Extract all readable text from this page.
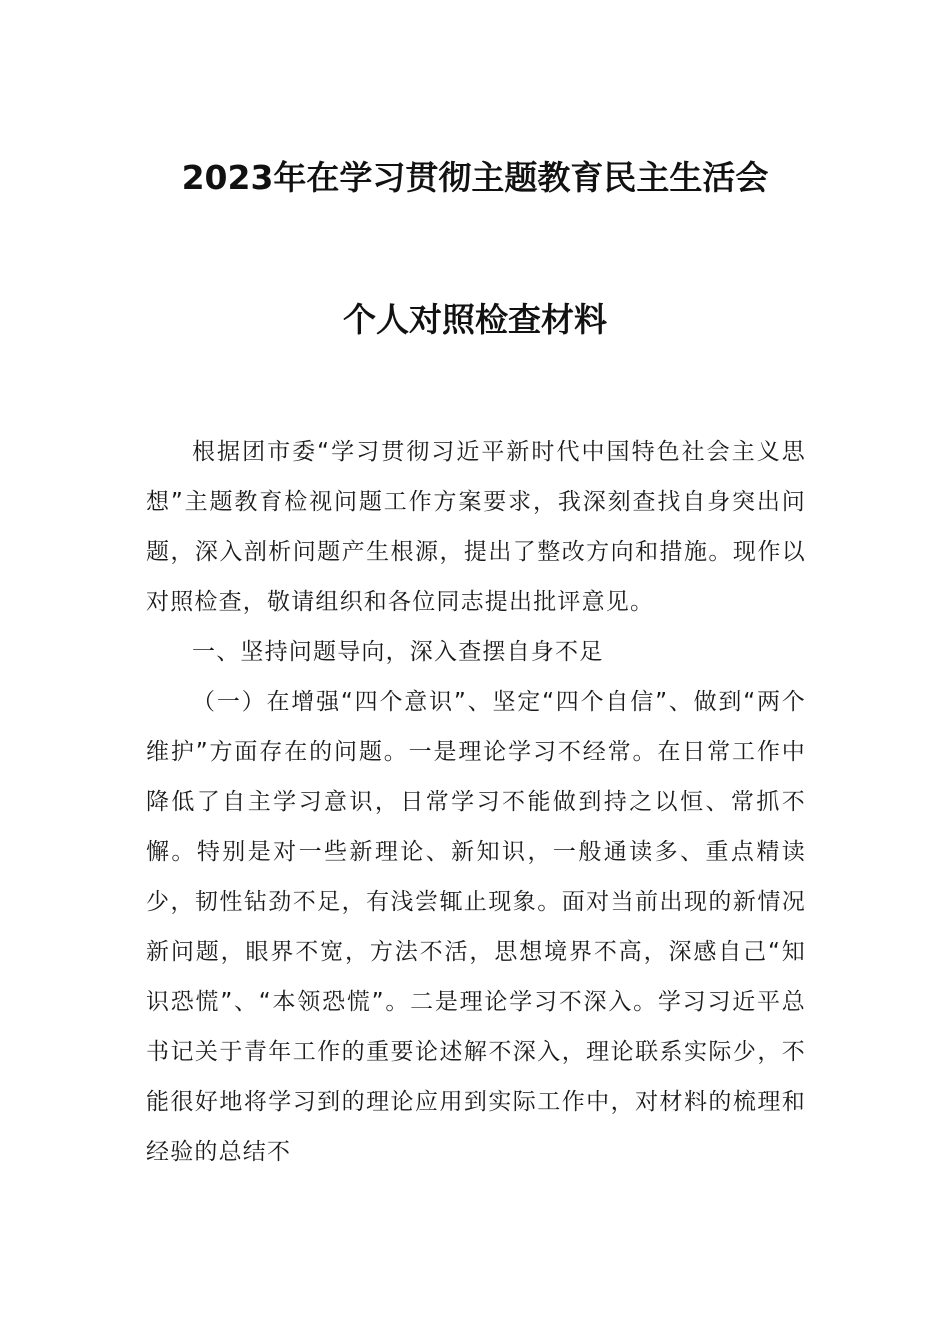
2023年在学习贯彻主题教育民主生活会
个人对照检查材料

根据团市委“学习贯彻习近平新时代中国特色社会主义思想”主题教育检视问题工作方案要求，我深刻查找自身突出问题，深入剖析问题产生根源，提出了整改方向和措施。现作以对照检查，敬请组织和各位同志提出批评意见。

一、坚持问题导向，深入查摆自身不足

（一）在增强“四个意识”、坚定“四个自信”、做到“两个维护”方面存在的问题。一是理论学习不经常。在日常工作中降低了自主学习意识，日常学习不能做到持之以恒、常抓不懈。特别是对一些新理论、新知识，一般通读多、重点精读少，韧性钻劲不足，有浅尝辄止现象。面对当前出现的新情况新问题，眼界不宽，方法不活，思想境界不高，深感自己“知识恐慌”、“本领恐慌”。二是理论学习不深入。学习习近平总书记关于青年工作的重要论述解不深入，理论联系实际少，不能很好地将学习到的理论应用到实际工作中，对材料的梳理和经验的总结不
